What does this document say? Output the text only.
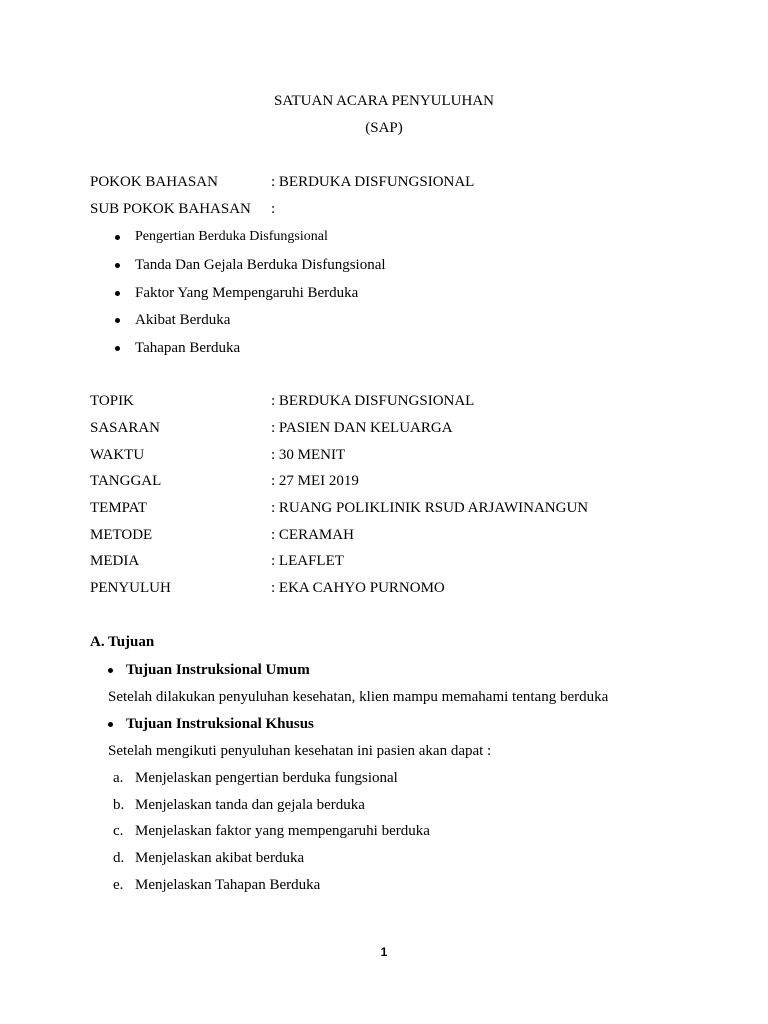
SATUAN ACARA PENYULUHAN
(SAP)
POKOK BAHASAN	: BERDUKA DISFUNGSIONAL
SUB POKOK BAHASAN :
Pengertian Berduka Disfungsional
Tanda Dan Gejala Berduka Disfungsional
Faktor Yang Mempengaruhi Berduka
Akibat Berduka
Tahapan Berduka
TOPIK	: BERDUKA DISFUNGSIONAL
SASARAN	: PASIEN DAN KELUARGA
WAKTU	: 30 MENIT
TANGGAL	: 27 MEI 2019
TEMPAT	: RUANG POLIKLINIK RSUD ARJAWINANGUN
METODE	: CERAMAH
MEDIA	: LEAFLET
PENYULUH	: EKA CAHYO PURNOMO
A. Tujuan
Tujuan Instruksional Umum
Setelah dilakukan penyuluhan kesehatan, klien mampu memahami tentang berduka
Tujuan Instruksional Khusus
Setelah mengikuti penyuluhan kesehatan ini pasien akan dapat :
a. Menjelaskan pengertian berduka fungsional
b. Menjelaskan tanda dan gejala berduka
c. Menjelaskan faktor yang mempengaruhi berduka
d. Menjelaskan akibat berduka
e. Menjelaskan Tahapan Berduka
1
